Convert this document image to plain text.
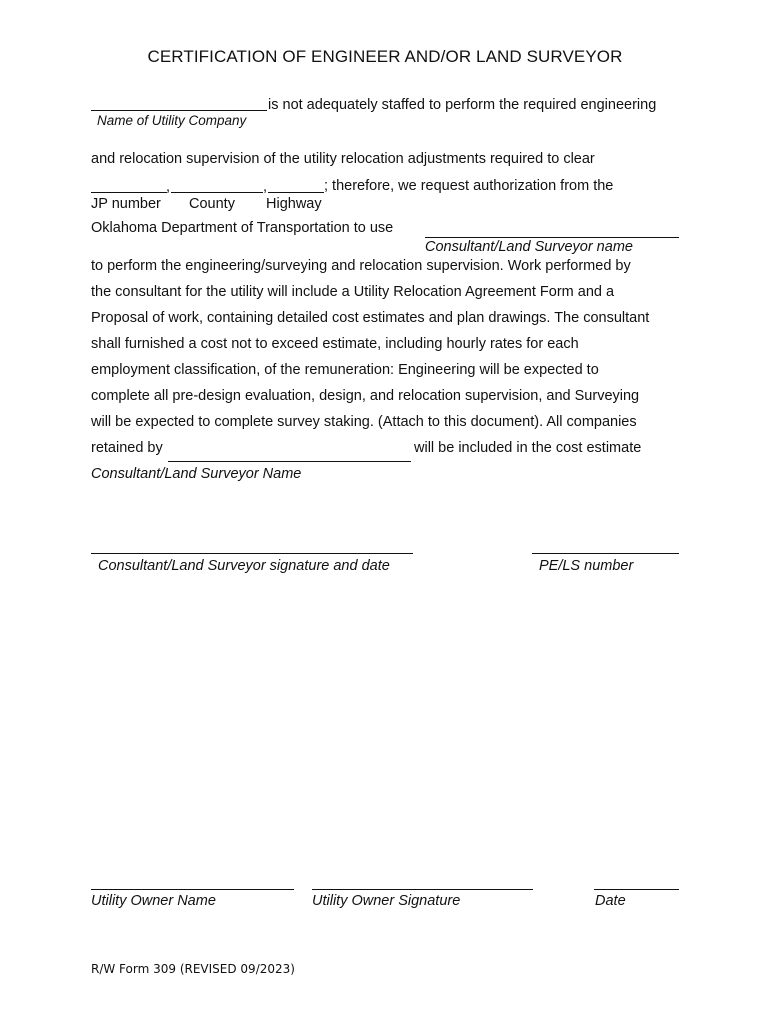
CERTIFICATION OF ENGINEER AND/OR LAND SURVEYOR
is not adequately staffed to perform the required engineering
Name of Utility Company
and relocation supervision of the utility relocation adjustments required to clear
,	,	; therefore, we request authorization from the
JP number County Highway
Oklahoma Department of Transportation to use
Consultant/Land Surveyor name
to perform the engineering/surveying and relocation supervision. Work performed by
the consultant for the utility will include a Utility Relocation Agreement Form and a
Proposal of work, containing detailed cost estimates and plan drawings. The consultant
shall furnished a cost not to exceed estimate, including hourly rates for each
employment classification, of the remuneration: Engineering will be expected to
complete all pre-design evaluation, design, and relocation supervision, and Surveying
will be expected to complete survey staking. (Attach to this document). All companies
retained by	will be included in the cost estimate
Consultant/Land Surveyor Name
Consultant/Land Surveyor signature and date	PE/LS number
Utility Owner Name	Utility Owner Signature	Date
R/W Form 309 (REVISED 09/2023)
